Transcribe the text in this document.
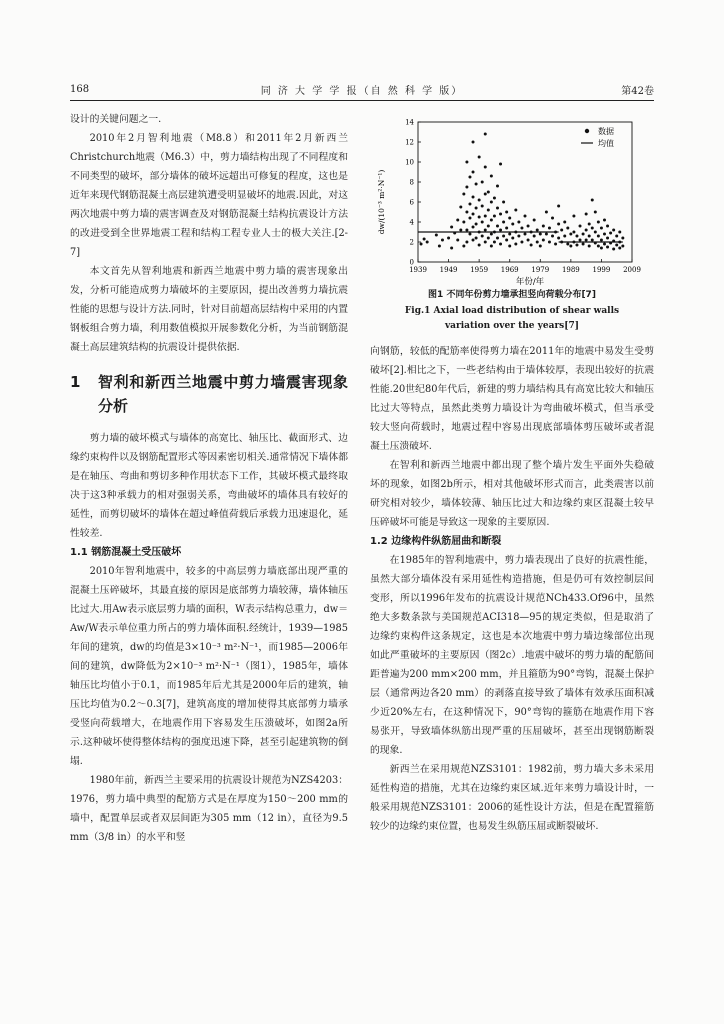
168	同 济 大 学 学 报（自 然 科 学 版）	第42卷

设计的关键问题之一.

2010年2月智利地震（M8.8）和2011年2月新西兰Christchurch地震（M6.3）中，剪力墙结构出现了不同程度和不同类型的破坏，部分墙体的破坏远超出可修复的程度，这也是近年来现代钢筋混凝土高层建筑遭受明显破坏的地震.因此，对这两次地震中剪力墙的震害调查及对钢筋混凝土结构抗震设计方法的改进受到全世界地震工程和结构工程专业人士的极大关注.[2-7]

本文首先从智利地震和新西兰地震中剪力墙的震害现象出发，分析可能造成剪力墙破坏的主要原因，提出改善剪力墙抗震性能的思想与设计方法.同时，针对目前超高层结构中采用的内置钢板组合剪力墙，利用数值模拟开展参数化分析，为当前钢筋混凝土高层建筑结构的抗震设计提供依据.

1	智利和新西兰地震中剪力墙震害现象分析

剪力墙的破坏模式与墙体的高宽比、轴压比、截面形式、边缘约束构件以及钢筋配置形式等因素密切相关.通常情况下墙体都是在轴压、弯曲和剪切多种作用状态下工作，其破坏模式最终取决于这3种承载力的相对强弱关系，弯曲破坏的墙体具有较好的延性，而剪切破坏的墙体在超过峰值荷载后承载力迅速退化，延性较差.

1.1 钢筋混凝土受压破坏

2010年智利地震中，较多的中高层剪力墙底部出现严重的混凝土压碎破坏，其最直接的原因是底部剪力墙较薄，墙体轴压比过大.用Aw表示底层剪力墙的面积，W表示结构总重力，dw＝Aw/W表示单位重力所占的剪力墙体面积.经统计，1939—1985年间的建筑，dw的均值是3×10⁻³ m²·N⁻¹，而1985—2006年间的建筑，dw降低为2×10⁻³ m²·N⁻¹（图1），1985年，墙体轴压比均值小于0.1，而1985年后尤其是2000年后的建筑，轴压比均值为0.2～0.3[7]，建筑高度的增加使得其底部剪力墙承受竖向荷载增大，在地震作用下容易发生压溃破坏，如图2a所示.这种破坏使得整体结构的强度迅速下降，甚至引起建筑物的倒塌.

1980年前，新西兰主要采用的抗震设计规范为NZS4203：1976，剪力墙中典型的配筋方式是在厚度为150～200 mm的墙中，配置单层或者双层间距为305 mm（12 in），直径为9.5 mm（3/8 in）的水平和竖

1939 1949 1959 1969 1979 1989 1999 2009
0
2
4
6
8
10
12
14
数据
均值
年份/年
dw/(10⁻³ m²·N⁻¹)
图1 不同年份剪力墙承担竖向荷载分布[7]
Fig.1 Axial load distribution of shear walls
variation over the years[7]

向钢筋，较低的配筋率使得剪力墙在2011年的地震中易发生受剪破坏[2].相比之下，一些老结构由于墙体较厚，表现出较好的抗震性能.20世纪80年代后，新建的剪力墙结构具有高宽比较大和轴压比过大等特点，虽然此类剪力墙设计为弯曲破坏模式，但当承受较大竖向荷载时，地震过程中容易出现底部墙体剪压破坏或者混凝土压溃破坏.

在智利和新西兰地震中都出现了整个墙片发生平面外失稳破坏的现象，如图2b所示，相对其他破坏形式而言，此类震害以前研究相对较少，墙体较薄、轴压比过大和边缘约束区混凝土较早压碎破坏可能是导致这一现象的主要原因.

1.2 边缘构件纵筋屈曲和断裂

在1985年的智利地震中，剪力墙表现出了良好的抗震性能，虽然大部分墙体没有采用延性构造措施，但是仍可有效控制层间变形，所以1996年发布的抗震设计规范NCh433.Of96中，虽然绝大多数条款与美国规范ACI318—95的规定类似，但是取消了边缘约束构件这条规定，这也是本次地震中剪力墙边缘部位出现如此严重破坏的主要原因（图2c）.地震中破坏的剪力墙的配筋间距普遍为200 mm×200 mm，并且箍筋为90°弯钩，混凝土保护层（通常两边各20 mm）的剥落直接导致了墙体有效承压面积减少近20%左右，在这种情况下，90°弯钩的箍筋在地震作用下容易张开，导致墙体纵筋出现严重的压屈破坏，甚至出现钢筋断裂的现象.

新西兰在采用规范NZS3101：1982前，剪力墙大多未采用延性构造的措施，尤其在边缘约束区域.近年来剪力墙设计时，一般采用规范NZS3101：2006的延性设计方法，但是在配置箍筋较少的边缘约束位置，也易发生纵筋压屈或断裂破坏.
